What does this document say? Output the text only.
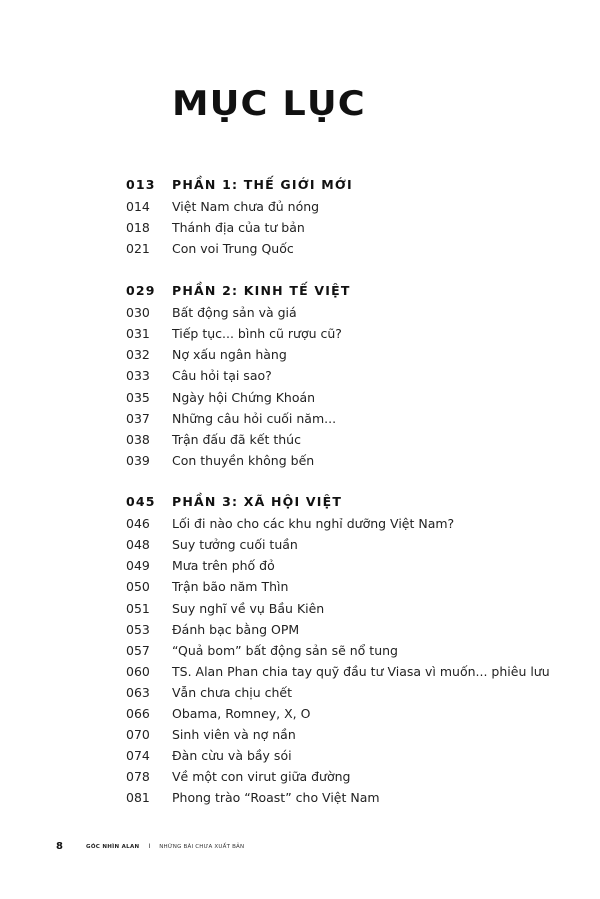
MỤC LỤC
013	PHẦN 1: THẾ GIỚI MỚI
014	Việt Nam chưa đủ nóng
018	Thánh địa của tư bản
021	Con voi Trung Quốc
029	PHẦN 2: KINH TẾ VIỆT
030	Bất động sản và giá
031	Tiếp tục... bình cũ rượu cũ?
032	Nợ xấu ngân hàng
033	Câu hỏi tại sao?
035	Ngày hội Chứng Khoán
037	Những câu hỏi cuối năm...
038	Trận đấu đã kết thúc
039	Con thuyền không bến
045	PHẦN 3: XÃ HỘI VIỆT
046	Lối đi nào cho các khu nghỉ dưỡng Việt Nam?
048	Suy tưởng cuối tuần
049	Mưa trên phố đỏ
050	Trận bão năm Thìn
051	Suy nghĩ về vụ Bầu Kiên
053	Đánh bạc bằng OPM
057	“Quả bom” bất động sản sẽ nổ tung
060	TS. Alan Phan chia tay quỹ đầu tư Viasa vì muốn... phiêu lưu
063	Vẫn chưa chịu chết
066	Obama, Romney, X, O
070	Sinh viên và nợ nần
074	Đàn cừu và bầy sói
078	Về một con virut giữa đường
081	Phong trào “Roast” cho Việt Nam
8	GÓC NHÌN ALAN I NHỮNG BÀI CHƯA XUẤT BẢN
